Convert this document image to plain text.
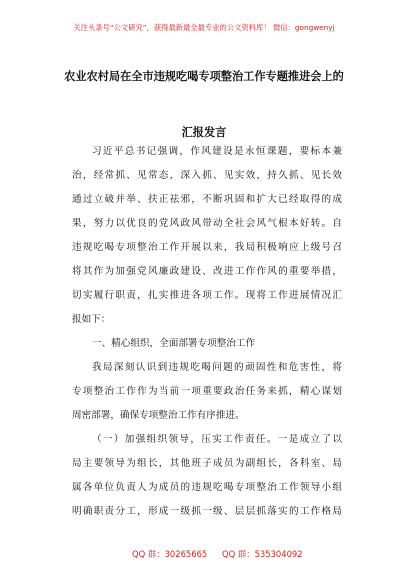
关注头条号“公文研究”，获得最新最全最专业的公文资料库！ 微信：gongwenyj
农业农村局在全市违规吃喝专项整治工作专题推进会上的
汇报发言
习近平总书记强调，作风建设是永恒课题，要标本兼
治，经常抓、见常态，深入抓、见实效，持久抓、见长效
通过立破并举、扶正祛邪，不断巩固和扩大已经取得的成
果，努力以优良的党风政风带动全社会风气根本好转。自
违规吃喝专项整治工作开展以来，我局积极响应上级号召
将其作为加强党风廉政建设、改进工作作风的重要举措，
切实履行职责，扎实推进各项工作。现将工作进展情况汇
报如下：
一、精心组织，全面部署专项整治工作
我局深刻认识到违规吃喝问题的顽固性和危害性，将
专项整治工作作为当前一项重要政治任务来抓，精心谋划
周密部署，确保专项整治工作有序推进。
（一）加强组织领导，压实工作责任。一是成立了以
局主要领导为组长，其他班子成员为副组长，各科室、局
属各单位负责人为成员的违规吃喝专项整治工作领导小组
明确职责分工，形成一级抓一级、层层抓落实的工作格局
QQ 群：30265665 QQ 群：535304092
